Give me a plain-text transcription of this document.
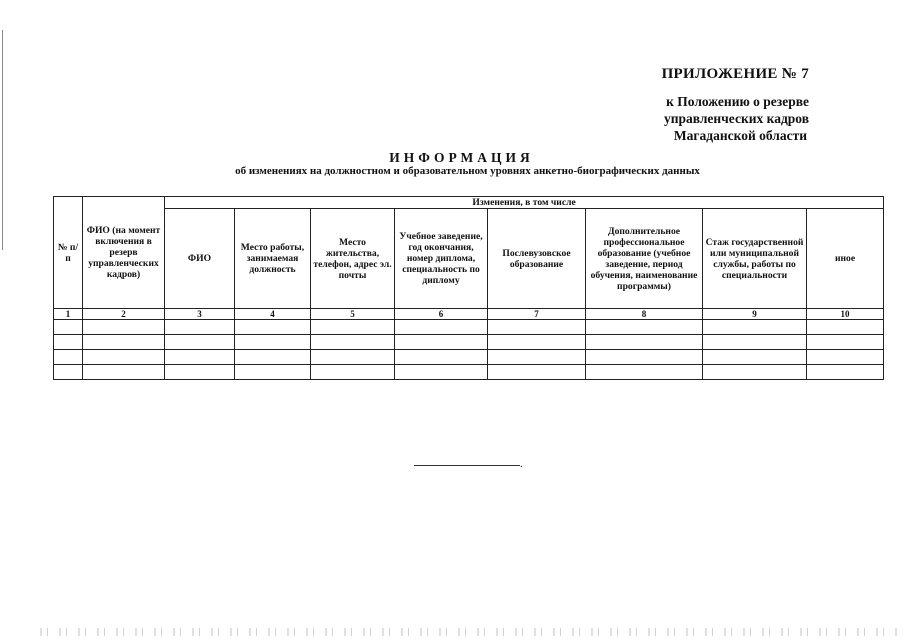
ПРИЛОЖЕНИЕ № 7
к Положению о резерве
управленческих кадров
Магаданской области
ИНФОРМАЦИЯ
об изменениях на должностном и образовательном уровнях анкетно-биографических данных
№ п/п	ФИО (на момент включения в резерв управленческих кадров)	Изменения, в том числе							
		ФИО	Место работы, занимаемая должность	Место жительства, телефон, адрес эл. почты	Учебное заведение, год окончания, номер диплома, специальность по диплому	Послевузовское образование	Дополнительное профессиональное образование (учебное заведение, период обучения, наименование программы)	Стаж государственной или муниципальной службы, работы по специальности	иное
1	2	3	4	5	6	7	8	9	10

.
